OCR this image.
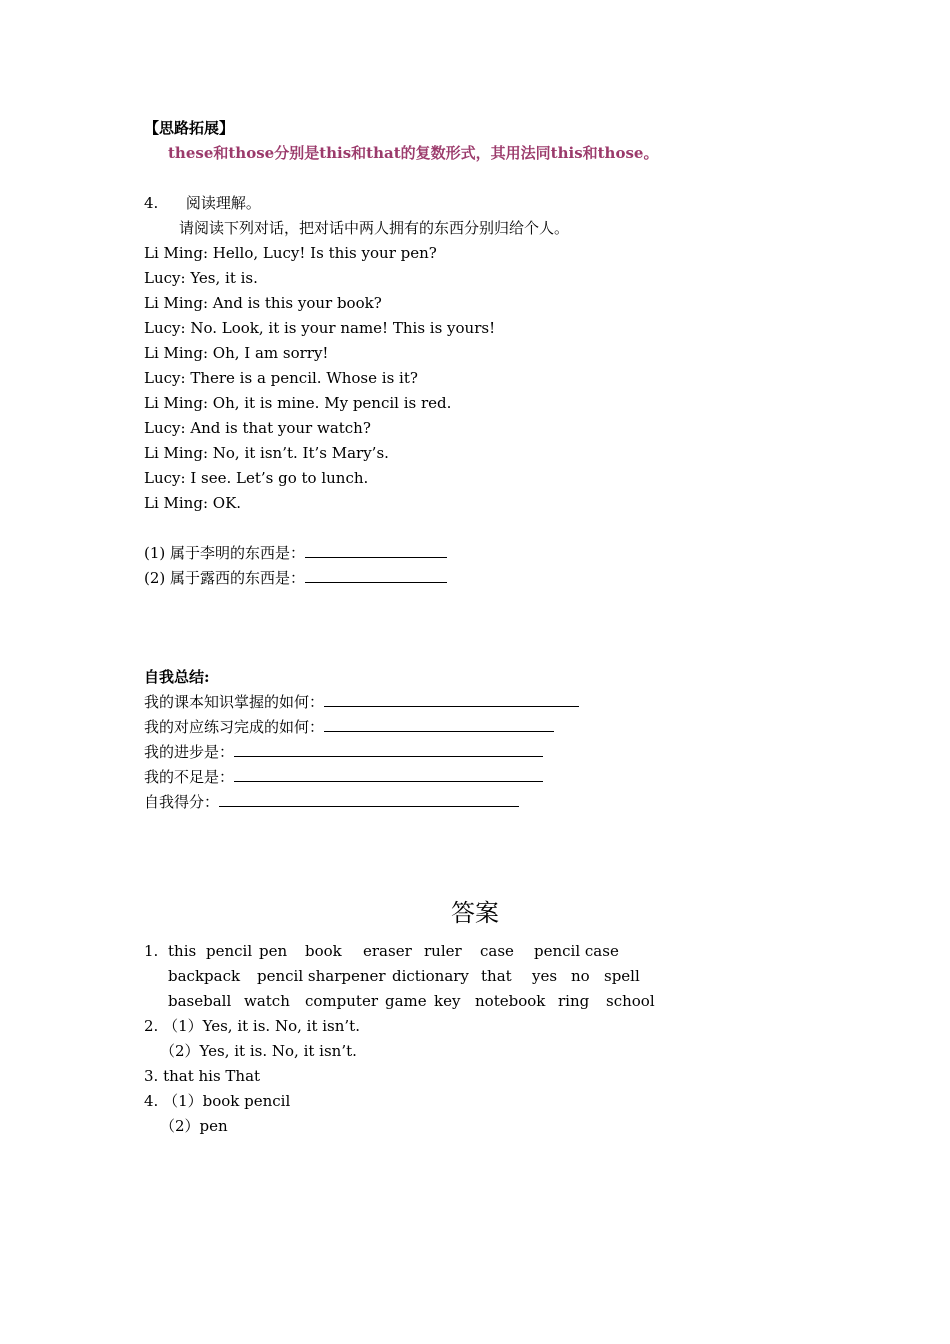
【思路拓展】
these和those分别是this和that的复数形式，其用法同this和those。
4. 阅读理解。
请阅读下列对话，把对话中两人拥有的东西分别归给个人。
Li Ming: Hello, Lucy! Is this your pen?
Lucy: Yes, it is.
Li Ming: And is this your book?
Lucy: No. Look, it is your name! This is yours!
Li Ming: Oh, I am sorry!
Lucy: There is a pencil. Whose is it?
Li Ming: Oh, it is mine. My pencil is red.
Lucy: And is that your watch?
Li Ming: No, it isn’t. It’s Mary’s.
Lucy: I see. Let’s go to lunch.
Li Ming: OK.
(1) 属于李明的东西是：
(2) 属于露西的东西是：
自我总结:
我的课本知识掌握的如何：
我的对应练习完成的如何：
我的进步是：
我的不足是：
自我得分：
答案
1. this pencil pen book eraser ruler case pencil case
backpack pencil sharpener dictionary that yes no spell
baseball watch computer game key notebook ring school
2. （1）Yes, it is. No, it isn’t.
（2）Yes, it is. No, it isn’t.
3. that his That
4. （1）book pencil
（2）pen
